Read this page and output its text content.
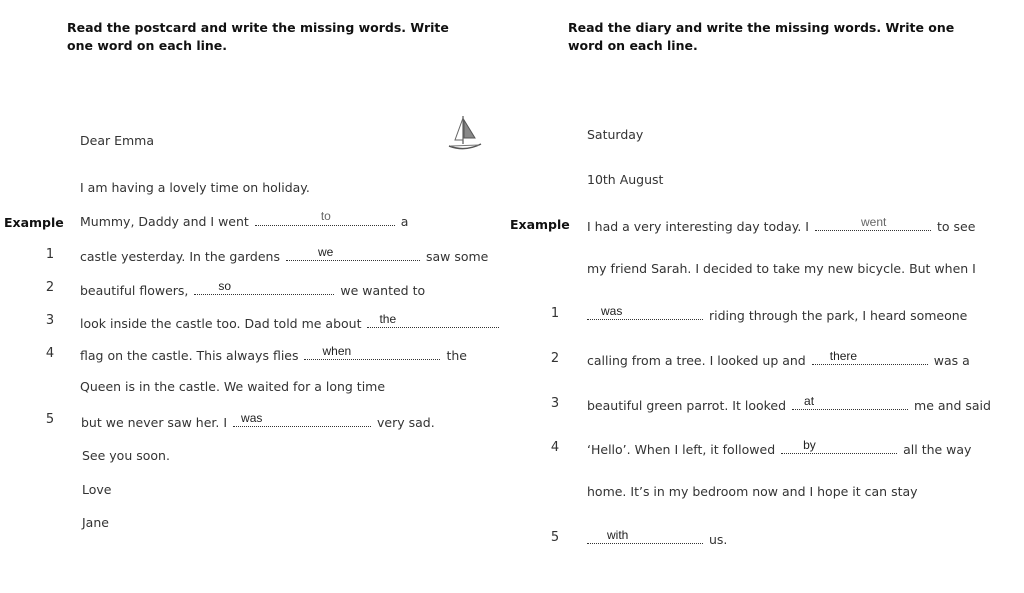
Read the postcard and write the missing words. Write one word on each line.
Dear Emma
I am having a lovely time on holiday.
Example Mummy, Daddy and I went	to	a
1	castle yesterday. In the gardens	we	saw some
2	beautiful flowers, so	we wanted to
3	look inside the castle too. Dad told me about the
4	flag on the castle. This always flies when	the
Queen is in the castle. We waited for a long time
5	but we never saw her. I was	very sad.
See you soon.
Love
Jane
Read the diary and write the missing words. Write one word on each line.
Saturday
10th August
Example I had a very interesting day today. I	went	to see
my friend Sarah. I decided to take my new bicycle. But when I
1	was	riding through the park, I heard someone
2	calling from a tree. I looked up and there	was a
3	beautiful green parrot. It looked at	me and said
4	‘Hello’. When I left, it followed by	all the way
home. It’s in my bedroom now and I hope it can stay
5	with	us.
